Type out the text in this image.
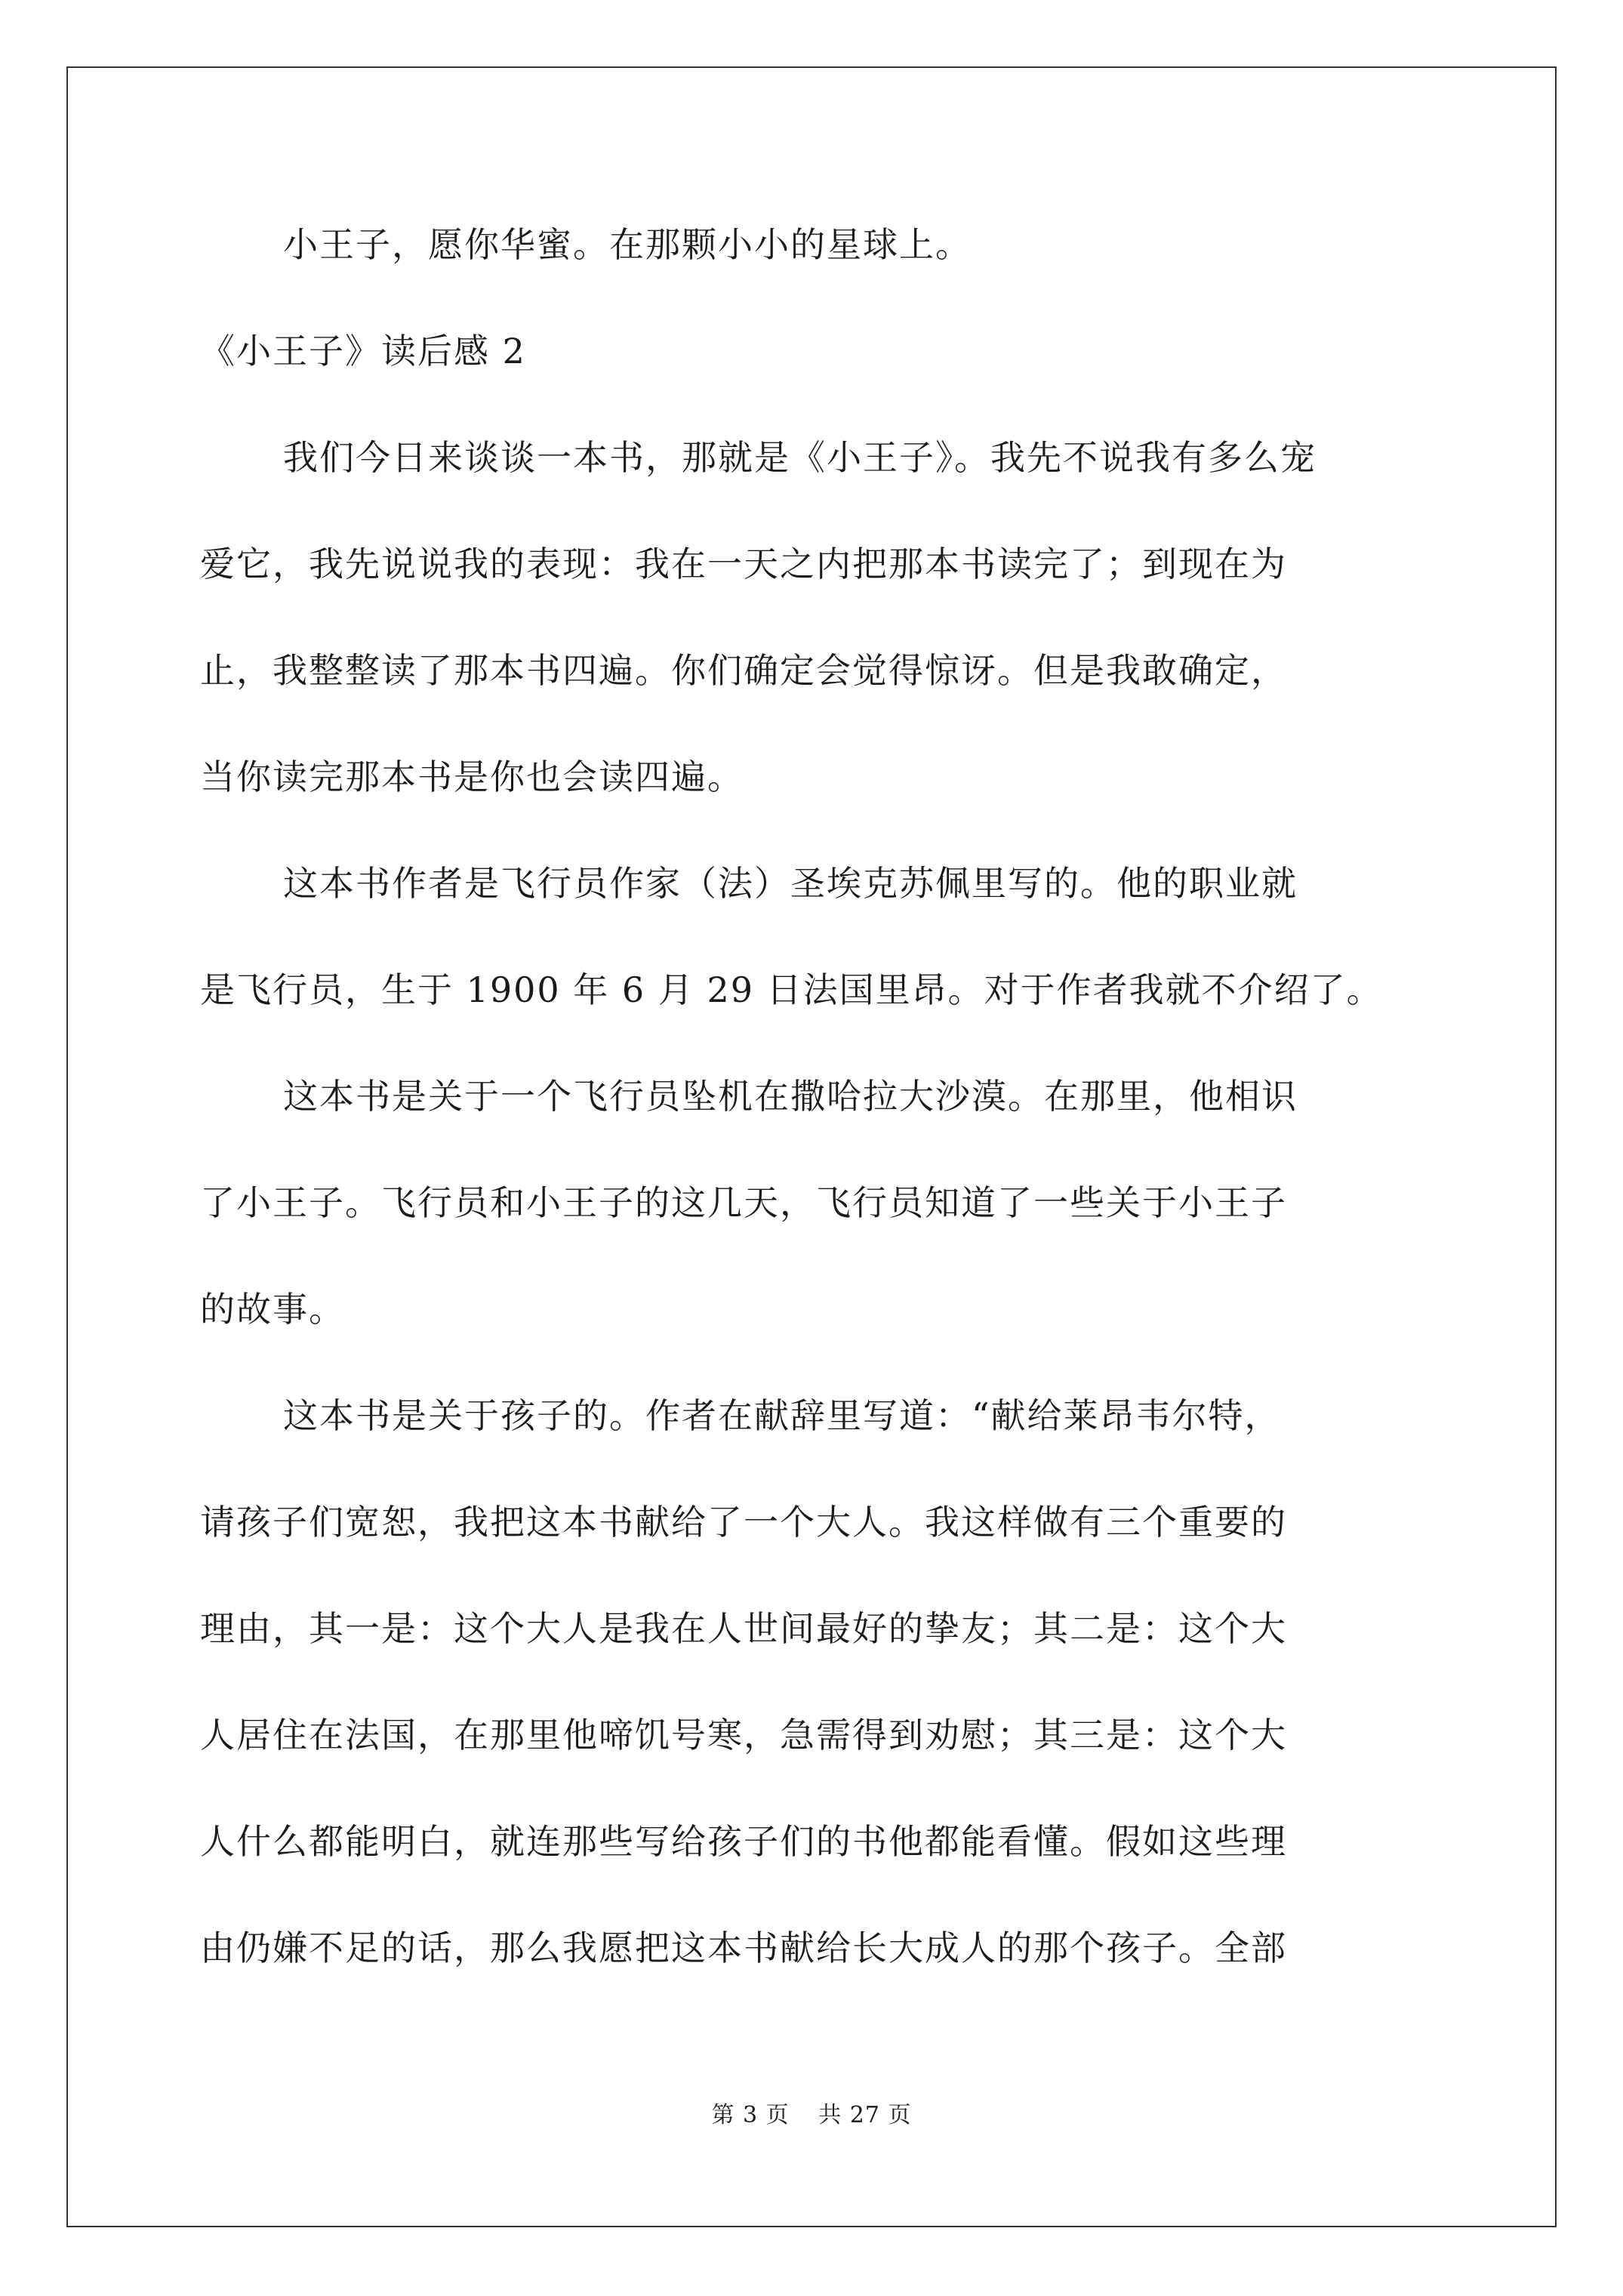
小王子，愿你华蜜。在那颗小小的星球上。
《小王子》读后感 2
我们今日来谈谈一本书，那就是《小王子》。我先不说我有多么宠
爱它，我先说说我的表现：我在一天之内把那本书读完了；到现在为
止，我整整读了那本书四遍。你们确定会觉得惊讶。但是我敢确定，
当你读完那本书是你也会读四遍。
这本书作者是飞行员作家（法）圣埃克苏佩里写的。他的职业就
是飞行员，生于 1900 年 6 月 29 日法国里昂。对于作者我就不介绍了。
这本书是关于一个飞行员坠机在撒哈拉大沙漠。在那里，他相识
了小王子。飞行员和小王子的这几天，飞行员知道了一些关于小王子
的故事。
这本书是关于孩子的。作者在献辞里写道：“献给莱昂韦尔特，
请孩子们宽恕，我把这本书献给了一个大人。我这样做有三个重要的
理由，其一是：这个大人是我在人世间最好的挚友；其二是：这个大
人居住在法国，在那里他啼饥号寒，急需得到劝慰；其三是：这个大
人什么都能明白，就连那些写给孩子们的书他都能看懂。假如这些理
由仍嫌不足的话，那么我愿把这本书献给长大成人的那个孩子。全部
第 3 页 共 27 页
